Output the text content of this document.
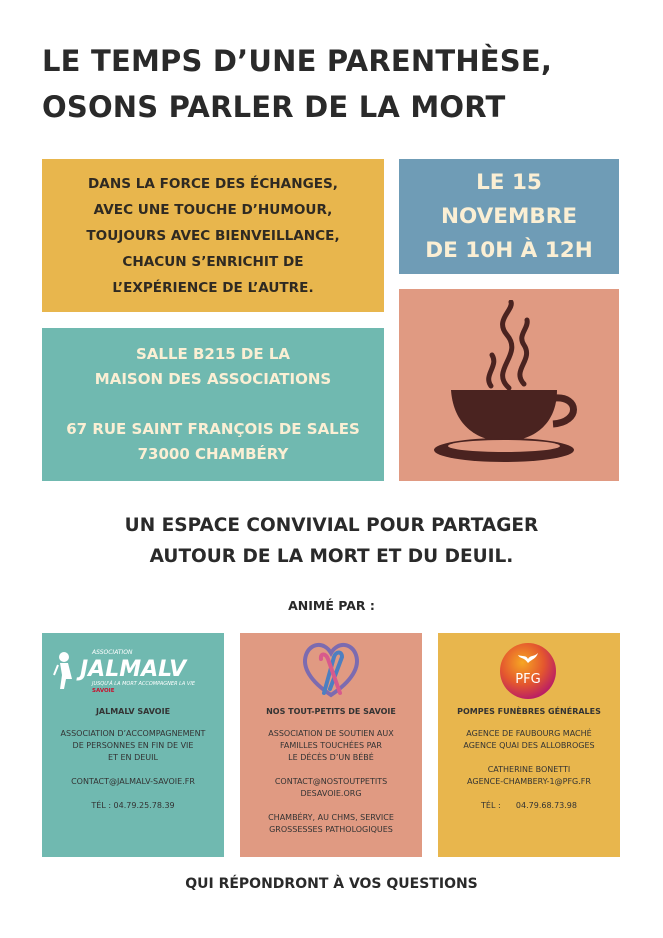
LE TEMPS D’UNE PARENTHÈSE,
OSONS PARLER DE LA MORT
DANS LA FORCE DES ÉCHANGES,
AVEC UNE TOUCHE D’HUMOUR,
TOUJOURS AVEC BIENVEILLANCE,
CHACUN S’ENRICHIT DE
L’EXPÉRIENCE DE L’AUTRE.
LE 15
NOVEMBRE
DE 10H À 12H
SALLE B215 DE LA
MAISON DES ASSOCIATIONS
67 RUE SAINT FRANÇOIS DE SALES
73000 CHAMBÉRY
UN ESPACE CONVIVIAL POUR PARTAGER
AUTOUR DE LA MORT ET DU DEUIL.
ANIMÉ PAR :
ASSOCIATION
JALMALV
JUSQU'À LA MORT ACCOMPAGNER LA VIE
SAVOIE
JALMALV SAVOIE
ASSOCIATION D’ACCOMPAGNEMENT
DE PERSONNES EN FIN DE VIE
ET EN DEUIL
CONTACT@JALMALV-SAVOIE.FR
TÉL : 04.79.25.78.39
NOS TOUT-PETITS DE SAVOIE
ASSOCIATION DE SOUTIEN AUX
FAMILLES TOUCHÉES PAR
LE DÉCÈS D’UN BÉBÉ
CONTACT@NOSTOUTPETITS
DESAVOIE.ORG
CHAMBÉRY, AU CHMS, SERVICE
GROSSESSES PATHOLOGIQUES
PFG
POMPES FUNÈBRES GÉNÉRALES
AGENCE DE FAUBOURG MACHÉ
AGENCE QUAI DES ALLOBROGES
CATHERINE BONETTI
AGENCE-CHAMBERY-1@PFG.FR
TÉL :      04.79.68.73.98
QUI RÉPONDRONT À VOS QUESTIONS
